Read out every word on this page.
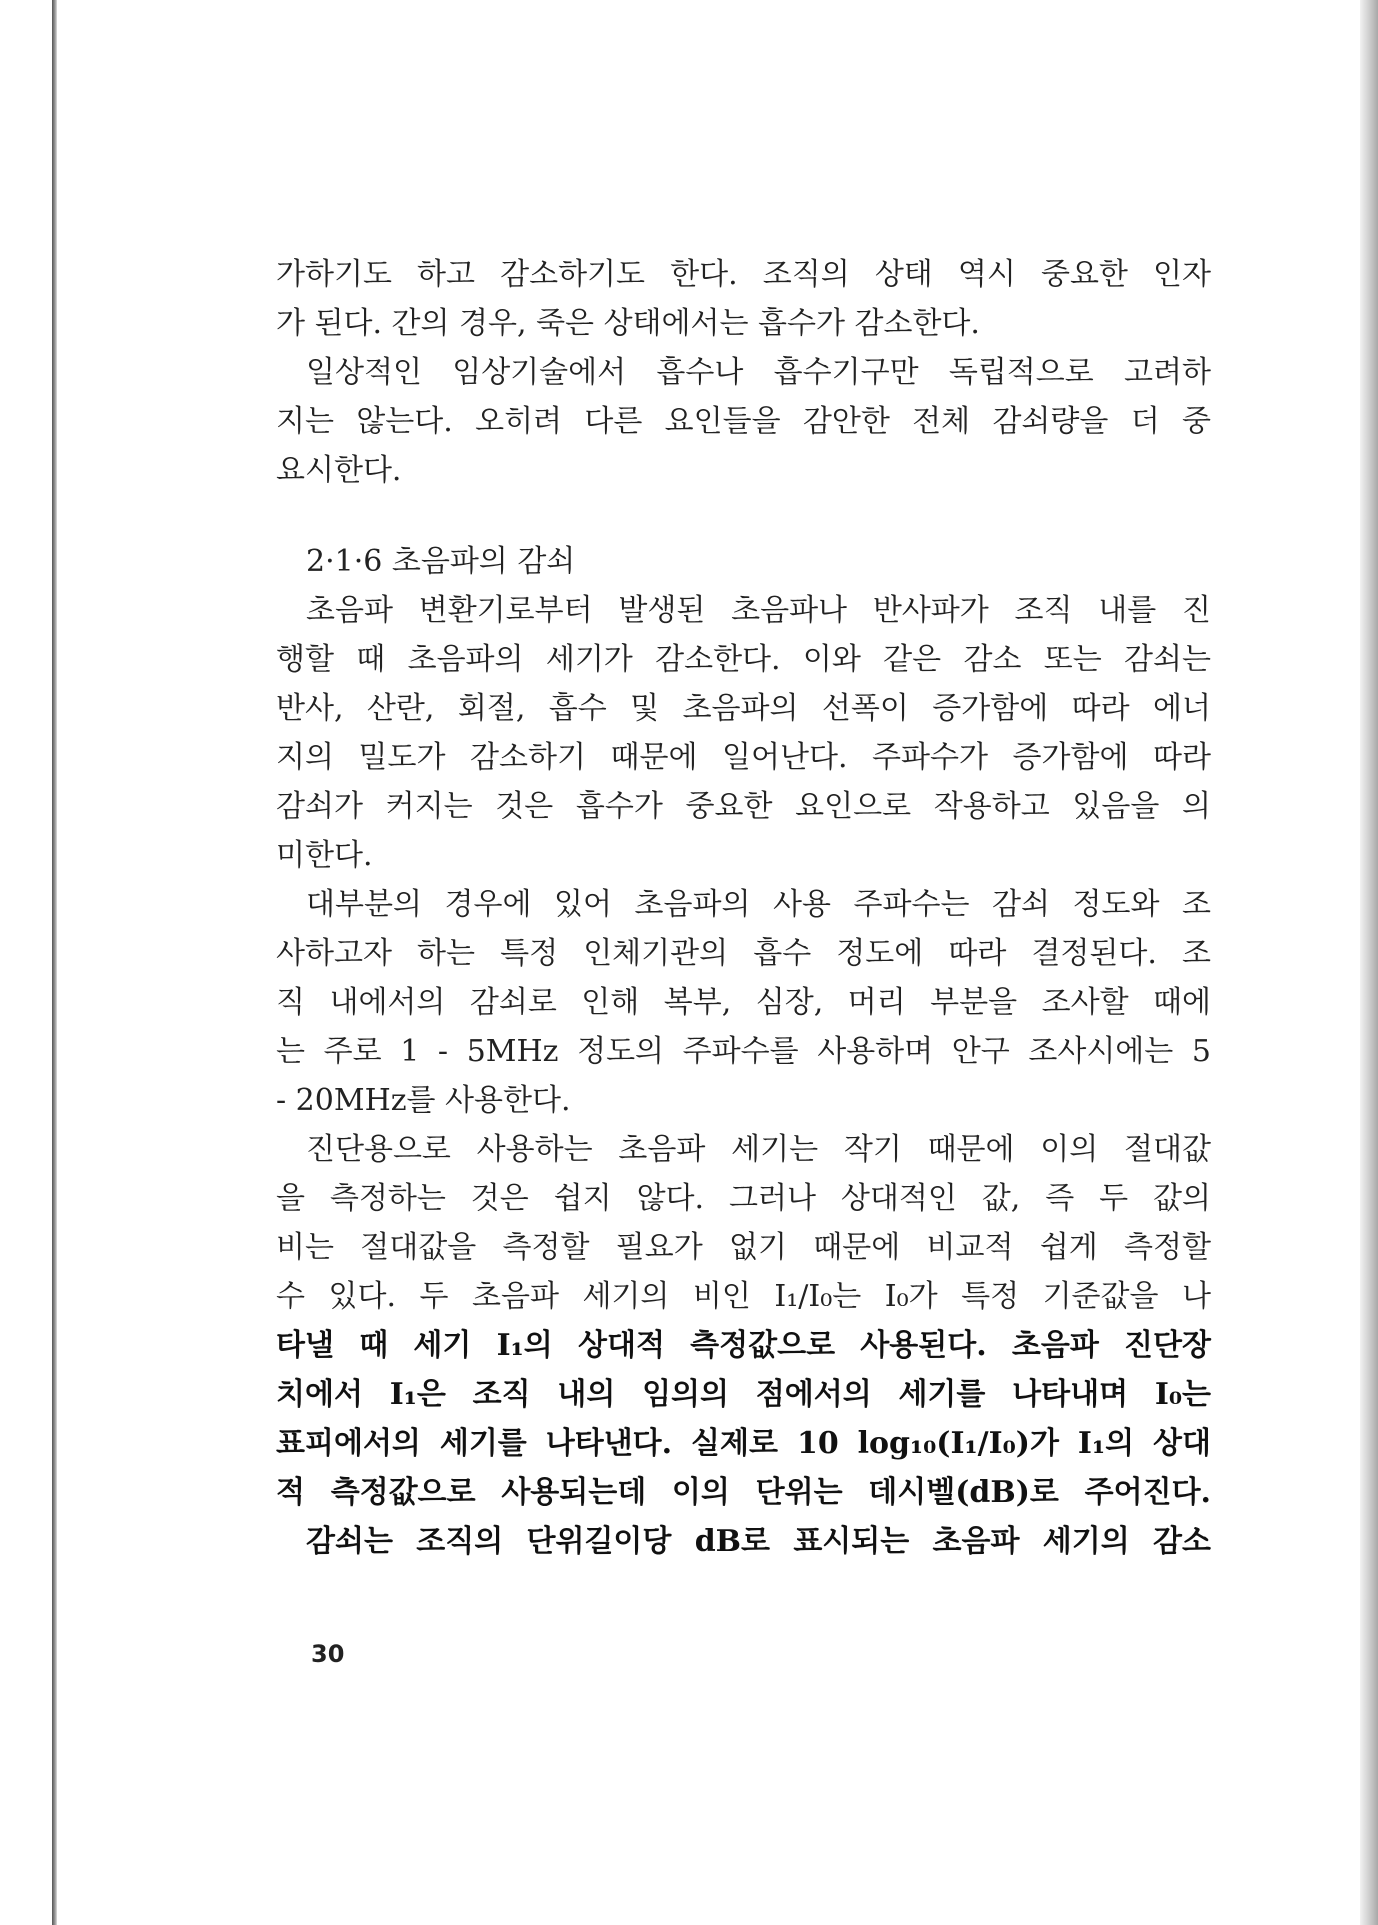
가하기도 하고 감소하기도 한다. 조직의 상태 역시 중요한 인자
가 된다. 간의 경우, 죽은 상태에서는 흡수가 감소한다.
일상적인 임상기술에서 흡수나 흡수기구만 독립적으로 고려하
지는 않는다. 오히려 다른 요인들을 감안한 전체 감쇠량을 더 중
요시한다.
2·1·6 초음파의 감쇠
초음파 변환기로부터 발생된 초음파나 반사파가 조직 내를 진
행할 때 초음파의 세기가 감소한다. 이와 같은 감소 또는 감쇠는
반사, 산란, 회절, 흡수 및 초음파의 선폭이 증가함에 따라 에너
지의 밀도가 감소하기 때문에 일어난다. 주파수가 증가함에 따라
감쇠가 커지는 것은 흡수가 중요한 요인으로 작용하고 있음을 의
미한다.
대부분의 경우에 있어 초음파의 사용 주파수는 감쇠 정도와 조
사하고자 하는 특정 인체기관의 흡수 정도에 따라 결정된다. 조
직 내에서의 감쇠로 인해 복부, 심장, 머리 부분을 조사할 때에
는 주로 1 - 5MHz 정도의 주파수를 사용하며 안구 조사시에는 5
- 20MHz를 사용한다.
진단용으로 사용하는 초음파 세기는 작기 때문에 이의 절대값
을 측정하는 것은 쉽지 않다. 그러나 상대적인 값, 즉 두 값의
비는 절대값을 측정할 필요가 없기 때문에 비교적 쉽게 측정할
수 있다. 두 초음파 세기의 비인 I₁/I₀는 I₀가 특정 기준값을 나
타낼 때 세기 I₁의 상대적 측정값으로 사용된다. 초음파 진단장
치에서 I₁은 조직 내의 임의의 점에서의 세기를 나타내며 I₀는
표피에서의 세기를 나타낸다. 실제로 10 log₁₀(I₁/I₀)가 I₁의 상대
적 측정값으로 사용되는데 이의 단위는 데시벨(dB)로 주어진다.
감쇠는 조직의 단위길이당 dB로 표시되는 초음파 세기의 감소
30
